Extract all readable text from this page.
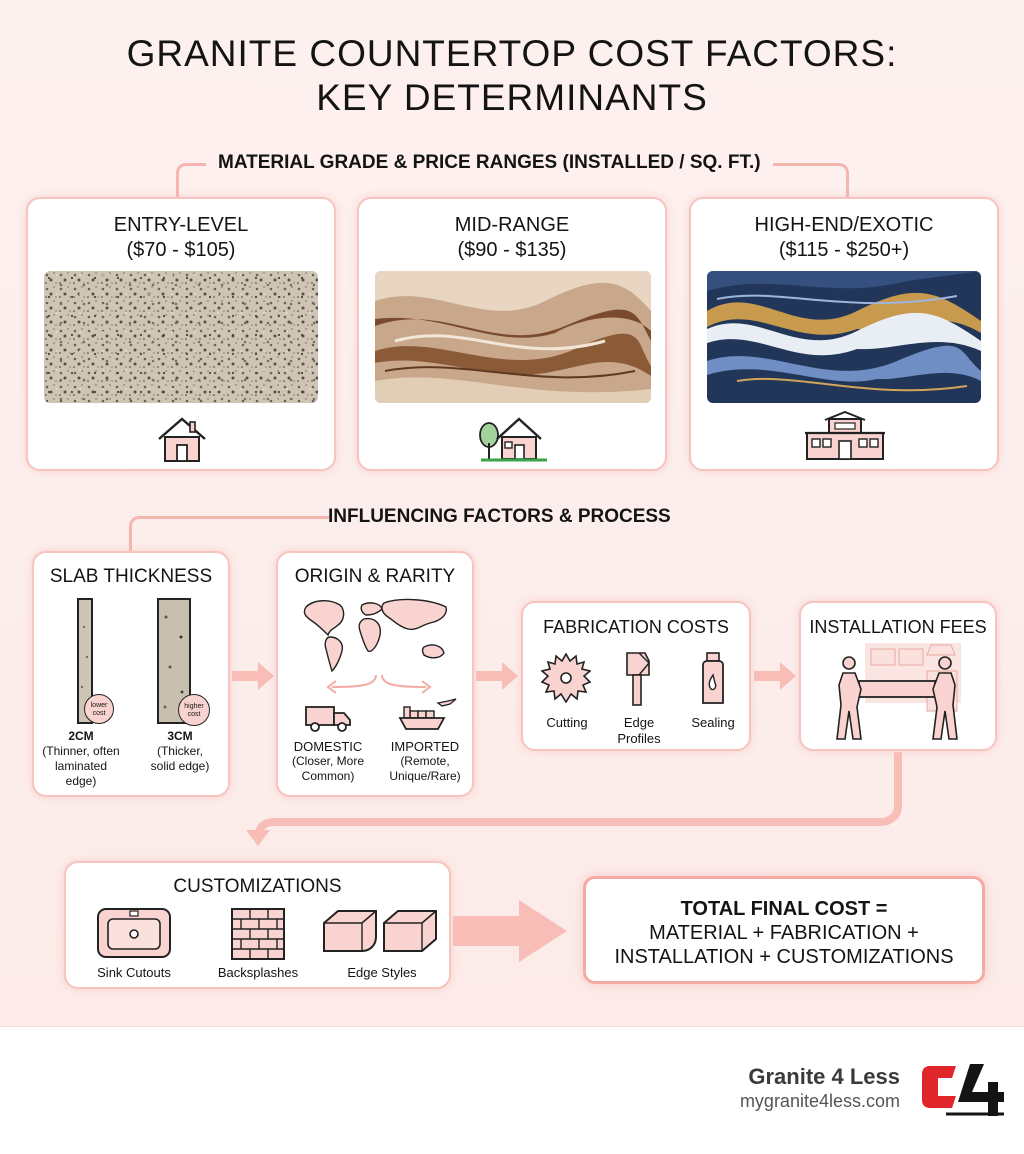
GRANITE COUNTERTOP COST FACTORS:
KEY DETERMINANTS
MATERIAL GRADE & PRICE RANGES (INSTALLED / SQ. FT.)
ENTRY-LEVEL
($70 - $105)
MID-RANGE
($90 - $135)
HIGH-END/EXOTIC
($115 - $250+)
INFLUENCING FACTORS & PROCESS
SLAB THICKNESS
lower cost
higher cost
2CM
(Thinner, often
laminated
edge)
3CM
(Thicker,
solid edge)
ORIGIN & RARITY
DOMESTIC
(Closer, More
Common)
IMPORTED
(Remote,
Unique/Rare)
FABRICATION COSTS
Cutting	Edge
Profiles
Sealing
INSTALLATION FEES
CUSTOMIZATIONS
Sink Cutouts	Backsplashes	Edge Styles
TOTAL FINAL COST =
MATERIAL + FABRICATION +
INSTALLATION + CUSTOMIZATIONS
Granite 4 Less
mygranite4less.com
